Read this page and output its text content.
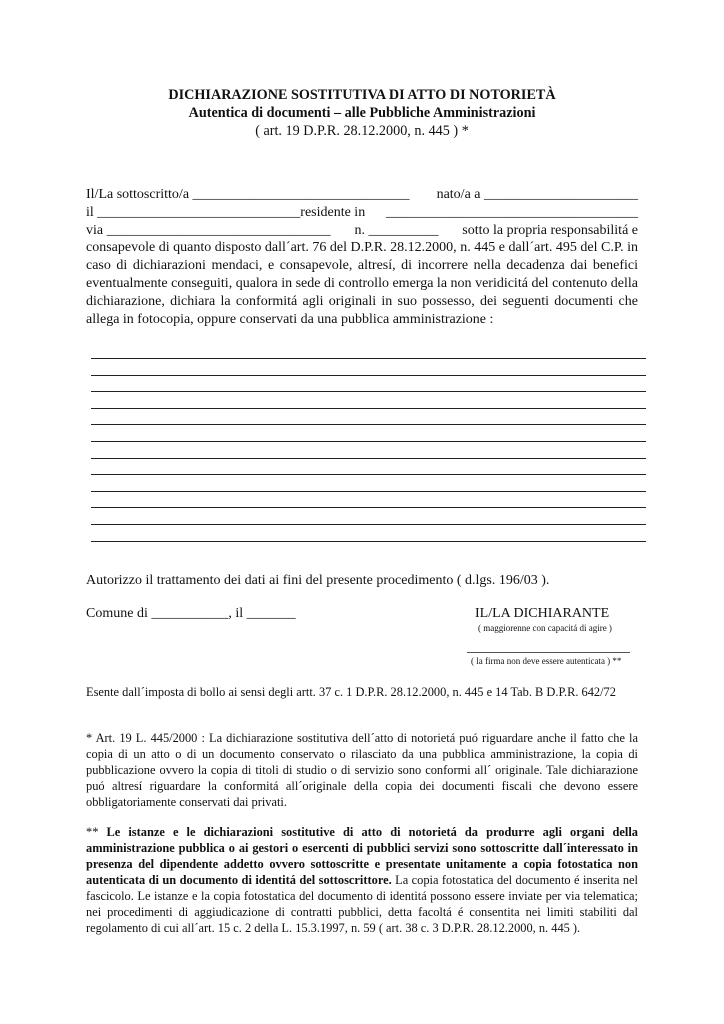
DICHIARAZIONE SOSTITUTIVA DI ATTO DI NOTORIETÀ
Autentica di documenti – alle Pubbliche Amministrazioni
( art. 19 D.P.R. 28.12.2000, n. 445 ) *
Il/La sottoscritto/a _______________________________ nato/a a ______________________
il _____________________________residente in ____________________________________
via ________________________________ n. __________ sotto la propria responsabilitá e
consapevole di quanto disposto dall´art. 76 del D.P.R. 28.12.2000, n. 445 e dall´art. 495 del C.P. in caso di dichiarazioni mendaci, e consapevole, altresí, di incorrere nella decadenza dai benefici eventualmente conseguiti, qualora in sede di controllo emerga la non veridicitá del contenuto della dichiarazione, dichiara la conformitá agli originali in suo possesso, dei seguenti documenti che allega in fotocopia, oppure conservati da una pubblica amministrazione :
Autorizzo il trattamento dei dati ai fini del presente procedimento ( d.lgs. 196/03 ).
Comune di ___________, il _______	IL/LA DICHIARANTE
( maggiorenne con capacitá di agire )
( la firma non deve essere autenticata ) **
Esente dall´imposta di bollo ai sensi degli artt. 37 c. 1 D.P.R. 28.12.2000, n. 445 e 14 Tab. B D.P.R. 642/72
* Art. 19 L. 445/2000 : La dichiarazione sostitutiva dell´atto di notorietá puó riguardare anche il fatto che la copia di un atto o di un documento conservato o rilasciato da una pubblica amministrazione, la copia di pubblicazione ovvero la copia di titoli di studio o di servizio sono conformi all´ originale. Tale dichiarazione puó altresí riguardare la conformitá all´originale della copia dei documenti fiscali che devono essere obbligatoriamente conservati dai privati.
** Le istanze e le dichiarazioni sostitutive di atto di notorietá da produrre agli organi della amministrazione pubblica o ai gestori o esercenti di pubblici servizi sono sottoscritte dall´interessato in presenza del dipendente addetto ovvero sottoscritte e presentate unitamente a copia fotostatica non autenticata di un documento di identitá del sottoscrittore. La copia fotostatica del documento é inserita nel fascicolo. Le istanze e la copia fotostatica del documento di identitá possono essere inviate per via telematica; nei procedimenti di aggiudicazione di contratti pubblici, detta facoltá é consentita nei limiti stabiliti dal regolamento di cui all´art. 15 c. 2 della L. 15.3.1997, n. 59 ( art. 38 c. 3 D.P.R. 28.12.2000, n. 445 ).
